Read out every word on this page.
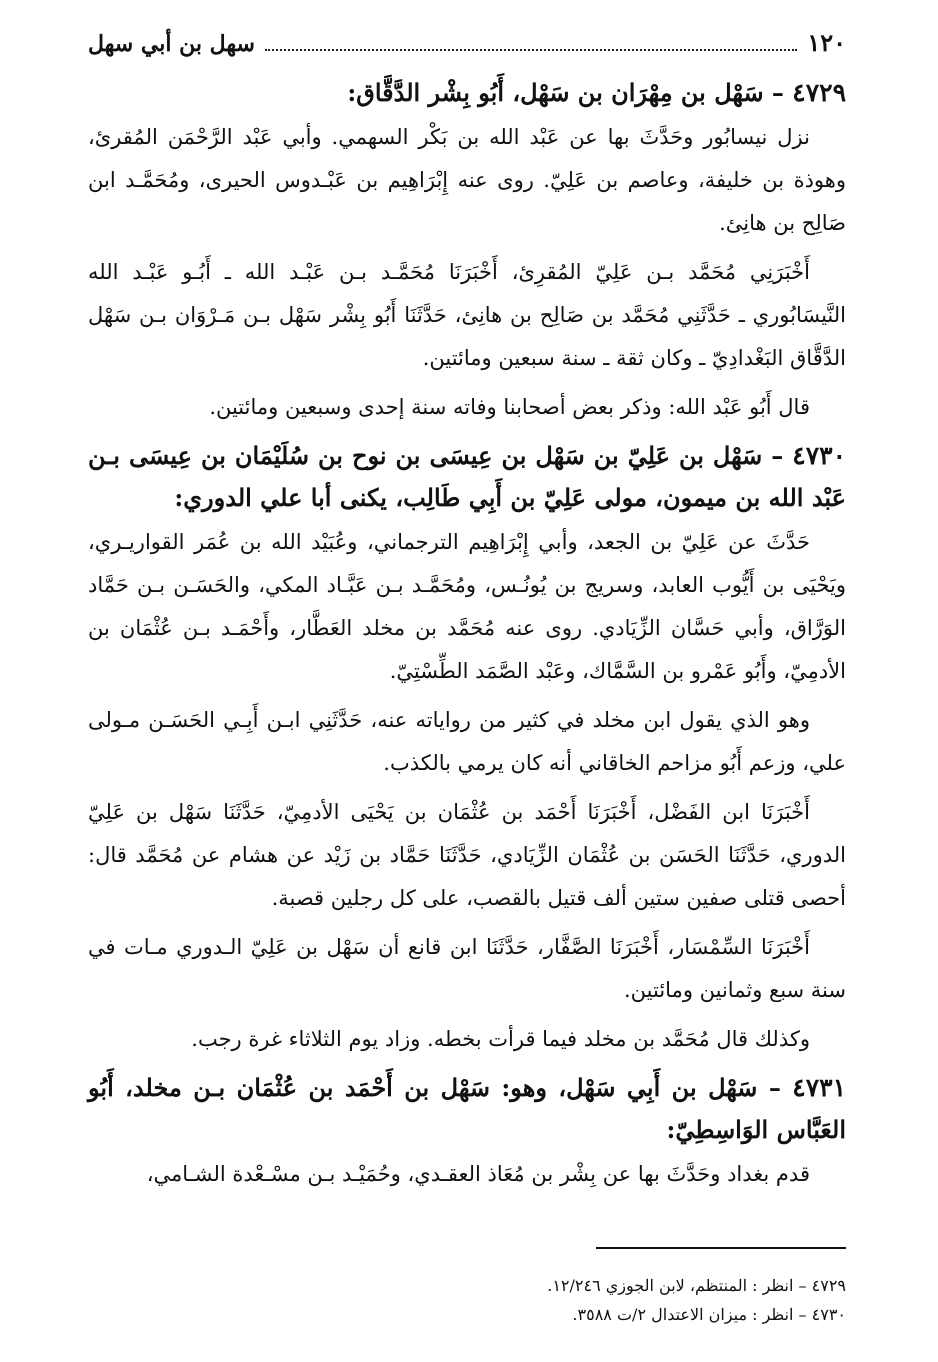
١٢٠
سهل بن أبي سهل
٤٧٢٩ – سَهْل بن مِهْرَان بن سَهْل، أَبُو بِشْر الدَّقَّاق:

نزل نيسابُور وحَدَّثَ بها عن عَبْد الله بن بَكْر السهمي. وأبي عَبْد الرَّحْمَن المُقرئ، وهوذة بن خليفة، وعاصم بن عَلِيّ. روى عنه إِبْرَاهِيم بن عَبْـدوس الحيرى، ومُحَمَّـد ابن صَالِح بن هانِئ.

أَخْبَرَنِي مُحَمَّد بـن عَلِيّ المُقرِئ، أَخْبَرَنَا مُحَمَّـد بـن عَبْـد الله ـ أَبُـو عَبْـد الله النَّيسَابُوري ـ حَدَّثَنِي مُحَمَّد بن صَالِح بن هانِئ، حَدَّثَنَا أَبُو بِشْر سَهْل بـن مَـرْوَان بـن سَهْل الدَّقَّاق البَغْدادِيّ ـ وكان ثقة ـ سنة سبعين ومائتين.

قال أَبُو عَبْد الله: وذكر بعض أصحابنا وفاته سنة إحدى وسبعين ومائتين.

٤٧٣٠ – سَهْل بن عَلِيّ بن سَهْل بن عِيسَى بن نوح بن سُلَيْمَان بن عِيسَى بـن عَبْد الله بن ميمون، مولى عَلِيّ بن أَبِي طَالِب، يكنى أبا علي الدوري:

حَدَّثَ عن عَلِيّ بن الجعد، وأبي إِبْرَاهِيم الترجماني، وعُبَيْد الله بن عُمَر القواريـري، ويَحْيَى بن أَيُّوب العابد، وسريج بن يُونُـس، ومُحَمَّـد بـن عَبَّـاد المكي، والحَسَـن بـن حَمَّاد الوَرَّاق، وأبي حَسَّان الزِّيَادي. روى عنه مُحَمَّد بن مخلد العَطَّار، وأَحْمَـد بـن عُثْمَان بن الأدمِيّ، وأَبُو عَمْرو بن السَّمَّاك، وعَبْد الصَّمَد الطِّسْتِيّ.

وهو الذي يقول ابن مخلد في كثير من رواياته عنه، حَدَّثَنِي ابـن أَبِـي الحَسَـن مـولى علي، وزعم أَبُو مزاحم الخاقاني أنه كان يرمي بالكذب.

أَخْبَرَنَا ابن الفَضْل، أَخْبَرَنَا أَحْمَد بن عُثْمَان بن يَحْيَى الأدمِيّ، حَدَّثَنَا سَهْل بن عَلِيّ الدوري، حَدَّثَنَا الحَسَن بن عُثْمَان الزِّيَادي، حَدَّثَنَا حَمَّاد بن زَيْد عن هشام عن مُحَمَّد قال: أحصى قتلى صفين ستين ألف قتيل بالقصب، على كل رجلين قصبة.

أَخْبَرَنَا السِّمْسَار، أَخْبَرَنَا الصَّفَّار، حَدَّثَنَا ابن قانع أن سَهْل بن عَلِيّ الـدوري مـات في سنة سبع وثمانين ومائتين.

وكذلك قال مُحَمَّد بن مخلد فيما قرأت بخطه. وزاد يوم الثلاثاء غرة رجب.

٤٧٣١ – سَهْل بن أَبِي سَهْل، وهو: سَهْل بن أَحْمَد بن عُثْمَان بـن مخلد، أَبُو العَبَّاس الوَاسِطِيّ:

قدم بغداد وحَدَّثَ بها عن بِشْر بن مُعَاذ العقـدي، وحُمَيْـد بـن مسْـعْدة الشـامي،

٤٧٢٩ – انظر : المنتظم، لابن الجوزي ١٢/٢٤٦.
٤٧٣٠ – انظر : ميزان الاعتدال ٢/ت ٣٥٨٨.
